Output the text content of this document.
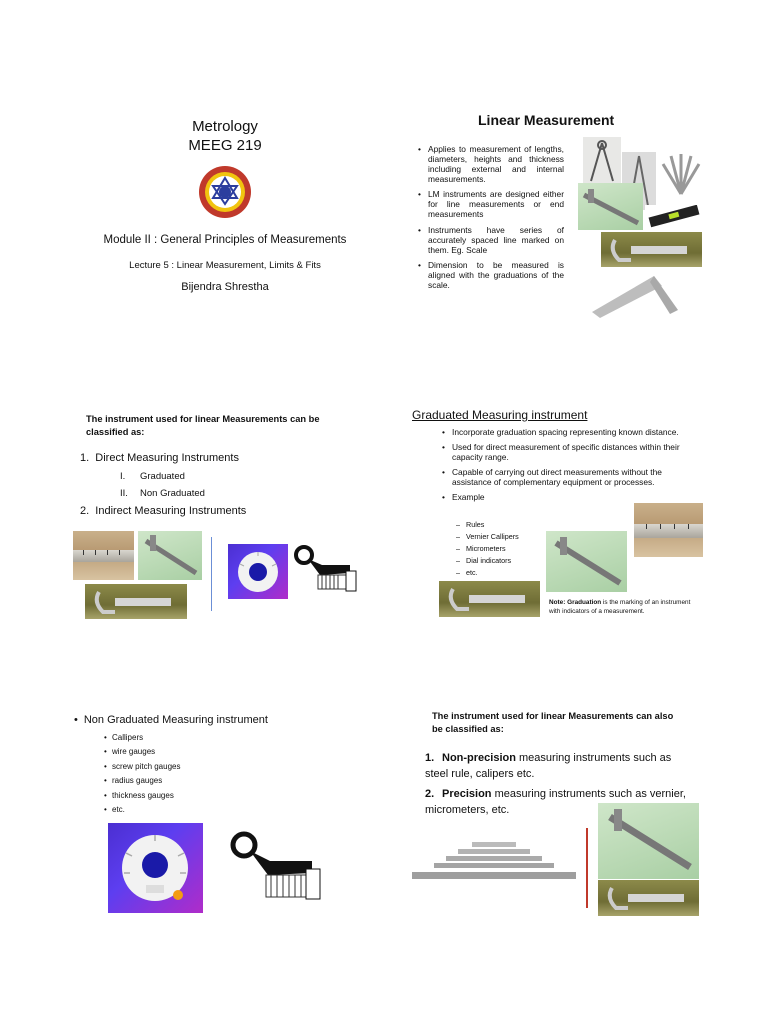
Metrology
MEEG 219
Module II : General Principles of Measurements
Lecture 5 : Linear Measurement, Limits & Fits
Bijendra Shrestha
Linear Measurement
• Applies to measurement of lengths, diameters, heights and thickness including external and internal measurements.
• LM instruments are designed either for line measurements or end measurements
• Instruments have series of accurately spaced line marked on them. Eg. Scale
• Dimension to be measured is aligned with the graduations of the scale.
The instrument used for linear Measurements can be classified as:
1.  Direct Measuring Instruments
I. Graduated
II. Non Graduated
2.  Indirect Measuring Instruments
Graduated Measuring instrument
• Incorporate graduation spacing representing known distance.
• Used for direct measurement of specific distances within their capacity range.
• Capable of carrying out direct measurements without the assistance of complementary equipment or processes.
• Example
– Rules
– Vernier Callipers
– Micrometers
– Dial indicators
– etc.
Note: Graduation is the marking of an instrument with indicators of a measurement.
• Non Graduated Measuring instrument
• Callipers
• wire gauges
• screw pitch gauges
• radius gauges
• thickness gauges
• etc.
The instrument used for linear Measurements can also be classified as:
1. Non-precision measuring instruments such as steel rule, calipers etc.
2. Precision measuring instruments such as vernier, micrometers, etc.
